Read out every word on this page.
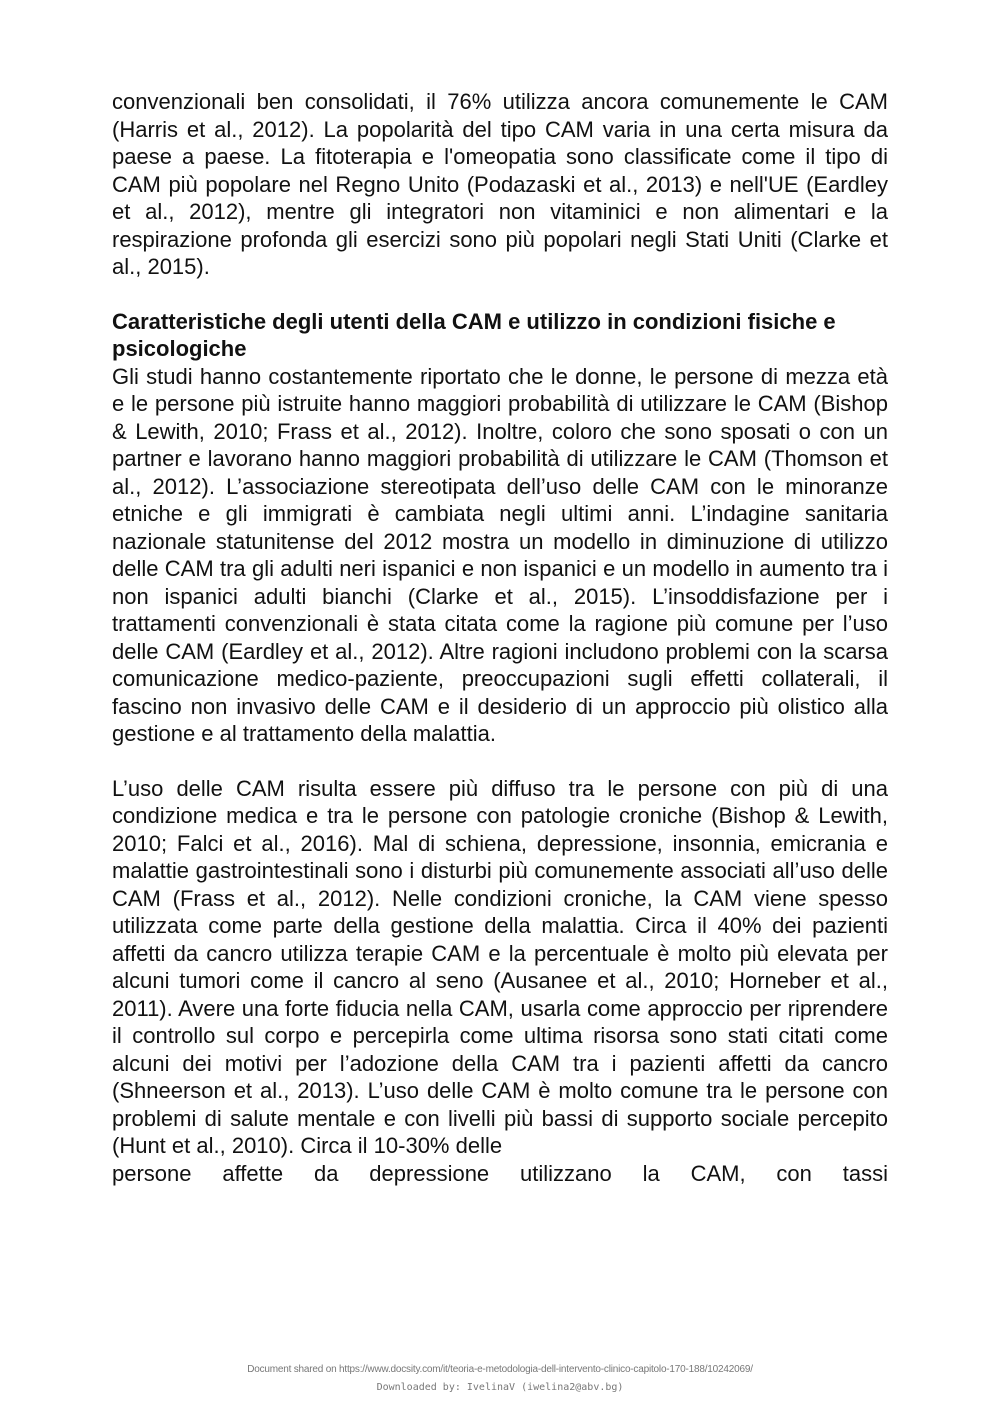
convenzionali ben consolidati, il 76% utilizza ancora comunemente le CAM (Harris et al., 2012). La popolarità del tipo CAM varia in una certa misura da paese a paese. La fitoterapia e l'omeopatia sono classificate come il tipo di CAM più popolare nel Regno Unito (Podazaski et al., 2013) e nell'UE (Eardley et al., 2012), mentre gli integratori non vitaminici e non alimentari e la respirazione profonda gli esercizi sono più popolari negli Stati Uniti (Clarke et al., 2015).

Caratteristiche degli utenti della CAM e utilizzo in condizioni fisiche e psicologiche

Gli studi hanno costantemente riportato che le donne, le persone di mezza età e le persone più istruite hanno maggiori probabilità di utilizzare le CAM (Bishop & Lewith, 2010; Frass et al., 2012). Inoltre, coloro che sono sposati o con un partner e lavorano hanno maggiori probabilità di utilizzare le CAM (Thomson et al., 2012). L’associazione stereotipata dell’uso delle CAM con le minoranze etniche e gli immigrati è cambiata negli ultimi anni. L’indagine sanitaria nazionale statunitense del 2012 mostra un modello in diminuzione di utilizzo delle CAM tra gli adulti neri ispanici e non ispanici e un modello in aumento tra i non ispanici adulti bianchi (Clarke et al., 2015). L’insoddisfazione per i trattamenti convenzionali è stata citata come la ragione più comune per l’uso delle CAM (Eardley et al., 2012). Altre ragioni includono problemi con la scarsa comunicazione medico-paziente, preoccupazioni sugli effetti collaterali, il fascino non invasivo delle CAM e il desiderio di un approccio più olistico alla gestione e al trattamento della malattia.

L’uso delle CAM risulta essere più diffuso tra le persone con più di una condizione medica e tra le persone con patologie croniche (Bishop & Lewith, 2010; Falci et al., 2016). Mal di schiena, depressione, insonnia, emicrania e malattie gastrointestinali sono i disturbi più comunemente associati all’uso delle CAM (Frass et al., 2012). Nelle condizioni croniche, la CAM viene spesso utilizzata come parte della gestione della malattia. Circa il 40% dei pazienti affetti da cancro utilizza terapie CAM e la percentuale è molto più elevata per alcuni tumori come il cancro al seno (Ausanee et al., 2010; Horneber et al., 2011). Avere una forte fiducia nella CAM, usarla come approccio per riprendere il controllo sul corpo e percepirla come ultima risorsa sono stati citati come alcuni dei motivi per l’adozione della CAM tra i pazienti affetti da cancro (Shneerson et al., 2013). L’uso delle CAM è molto comune tra le persone con problemi di salute mentale e con livelli più bassi di supporto sociale percepito (Hunt et al., 2010). Circa il 10-30% delle
persone affette da depressione utilizzano la CAM, con tassi

Document shared on https://www.docsity.com/it/teoria-e-metodologia-dell-intervento-clinico-capitolo-170-188/10242069/
Downloaded by: IvelinaV (iwelina2@abv.bg)
